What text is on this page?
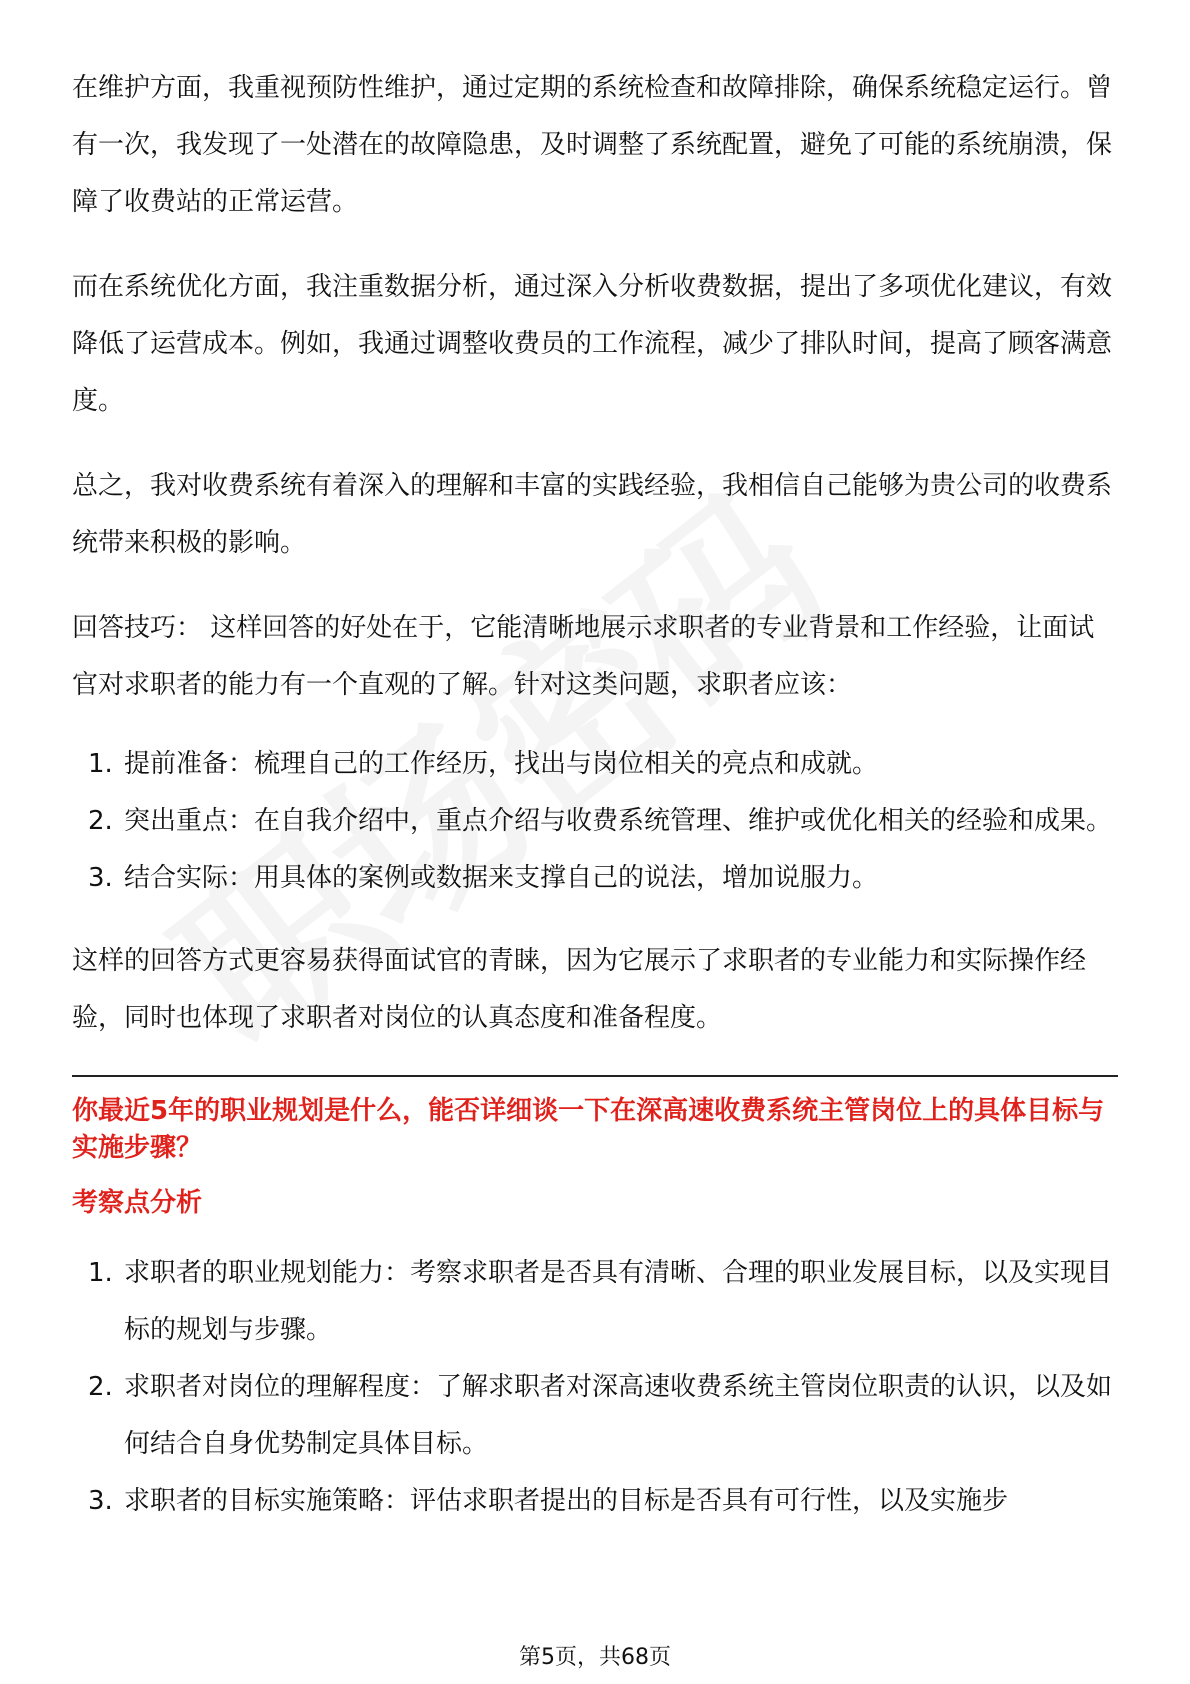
在维护方面，我重视预防性维护，通过定期的系统检查和故障排除，确保系统稳定运行。曾有一次，我发现了一处潜在的故障隐患，及时调整了系统配置，避免了可能的系统崩溃，保障了收费站的正常运营。

而在系统优化方面，我注重数据分析，通过深入分析收费数据，提出了多项优化建议，有效降低了运营成本。例如，我通过调整收费员的工作流程，减少了排队时间，提高了顾客满意度。

总之，我对收费系统有着深入的理解和丰富的实践经验，我相信自己能够为贵公司的收费系统带来积极的影响。

回答技巧： 这样回答的好处在于，它能清晰地展示求职者的专业背景和工作经验，让面试官对求职者的能力有一个直观的了解。针对这类问题，求职者应该：

1. 提前准备：梳理自己的工作经历，找出与岗位相关的亮点和成就。
2. 突出重点：在自我介绍中，重点介绍与收费系统管理、维护或优化相关的经验和成果。
3. 结合实际：用具体的案例或数据来支撑自己的说法，增加说服力。

这样的回答方式更容易获得面试官的青睐，因为它展示了求职者的专业能力和实际操作经验，同时也体现了求职者对岗位的认真态度和准备程度。

你最近5年的职业规划是什么，能否详细谈一下在深高速收费系统主管岗位上的具体目标与实施步骤？
考察点分析
1. 求职者的职业规划能力：考察求职者是否具有清晰、合理的职业发展目标，以及实现目标的规划与步骤。
2. 求职者对岗位的理解程度：了解求职者对深高速收费系统主管岗位职责的认识，以及如何结合自身优势制定具体目标。
3. 求职者的目标实施策略：评估求职者提出的目标是否具有可行性，以及实施步
第5页，共68页
